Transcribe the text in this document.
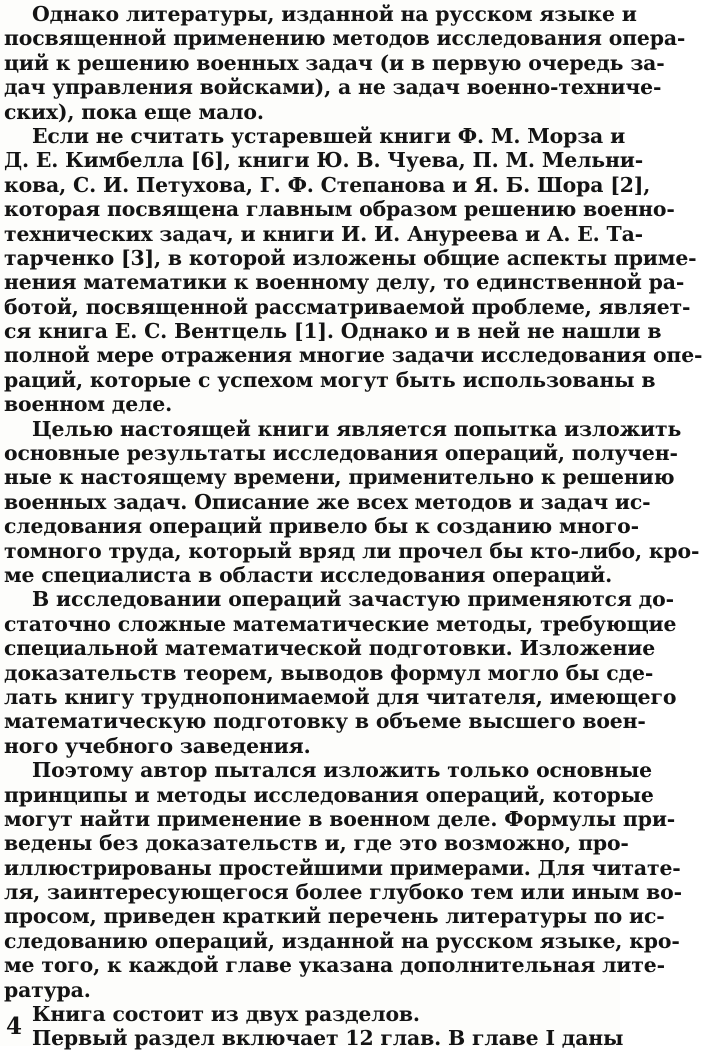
Однако литературы, изданной на русском языке и
посвященной применению методов исследования опера-
ций к решению военных задач (и в первую очередь за-
дач управления войсками), а не задач военно-техниче-
ских), пока еще мало.
Если не считать устаревшей книги Ф. М. Морза и
Д. Е. Кимбелла [6], книги Ю. В. Чуева, П. М. Мельни-
кова, С. И. Петухова, Г. Ф. Степанова и Я. Б. Шора [2],
которая посвящена главным образом решению военно-
технических задач, и книги И. И. Ануреева и А. Е. Та-
тарченко [3], в которой изложены общие аспекты приме-
нения математики к военному делу, то единственной ра-
ботой, посвященной рассматриваемой проблеме, являет-
ся книга Е. С. Вентцель [1]. Однако и в ней не нашли в
полной мере отражения многие задачи исследования опе-
раций, которые с успехом могут быть использованы в
военном деле.
Целью настоящей книги является попытка изложить
основные результаты исследования операций, получен-
ные к настоящему времени, применительно к решению
военных задач. Описание же всех методов и задач ис-
следования операций привело бы к созданию много-
томного труда, который вряд ли прочел бы кто-либо, кро-
ме специалиста в области исследования операций.
В исследовании операций зачастую применяются до-
статочно сложные математические методы, требующие
специальной математической подготовки. Изложение
доказательств теорем, выводов формул могло бы сде-
лать книгу труднопонимаемой для читателя, имеющего
математическую подготовку в объеме высшего воен-
ного учебного заведения.
Поэтому автор пытался изложить только основные
принципы и методы исследования операций, которые
могут найти применение в военном деле. Формулы при-
ведены без доказательств и, где это возможно, про-
иллюстрированы простейшими примерами. Для читате-
ля, заинтересующегося более глубоко тем или иным во-
просом, приведен краткий перечень литературы по ис-
следованию операций, изданной на русском языке, кро-
ме того, к каждой главе указана дополнительная лите-
ратура.
Книга состоит из двух разделов.
Первый раздел включает 12 глав. В главе I даны
4
